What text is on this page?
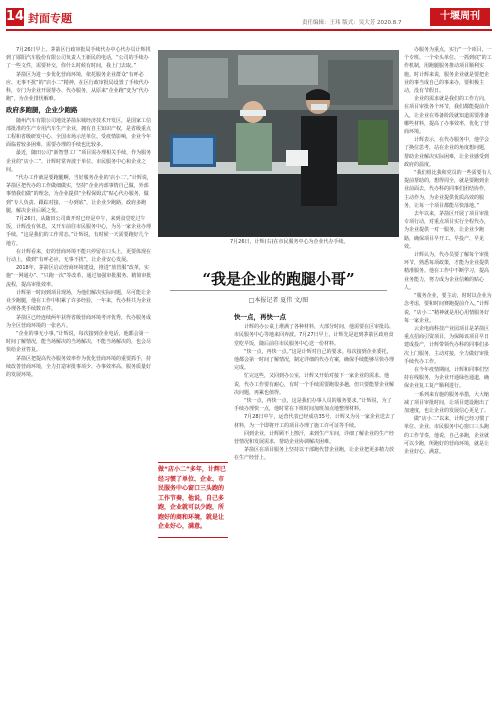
14 封面专题	责任编辑：王玮 版式：吴大芳 2020.8.7
十堰周刊

7月26日早上，茅箭区行政审批局手续代办中心代办员计辉找到了郧阳汽车股份有限公司负责人王新民的电话，“公司的手续办了一些文件，需要补交，你什么时候有时间，我上门去取。”

茅箭区为进一步优化营商环境，依托服务企业群众“有呼必应、无事不扰”的“店小二”精神，在区行政审批局设置了手续代办科，专门为企业开展帮办、代办服务，从原来“企业跑”变为“代办跑”，为企业排忧解难。

政府多跑腿，企业少跑路

随州汽车有限公司地处茅箭东城经济技术开发区，是国家工信部批准的生产专用汽车生产企业，拥有自主知识产权，是省级重点工程和省级研发中心、全国市场示范单位。受疫情影响，企业今年面临着较多困难，需要办理的手续也比较多。

最近，随田公司“新智慧工厂”项目需办理相关手续，作为服务企业的“店小二”，计辉时常奔波于单位、市民服务中心和企业之间。

“代办工作就是要跑腿啊，当好服务企业的‘店小二’。”计辉说，茅箭区把代办的工作做细做实，坚持“企业内部事情自己做，外部事情我们做”的理念，为企业提供“全程保姆式”贴心代办服务，做到“专人负责、跟踪对接、一办到底”，让企业少跑路，政府多跑腿，解决企业后顾之忧。

7月26日，从随田公司离开时已经是中午，来到食堂吃过午饭，计辉没有休息，又开车前往市民服务中心，为另一家企业办理手续。“这是我们的工作常态。”计辉说，有时候一天需要跑好几个地方。

在计辉看来，好的营商环境不能只停留在口头上，更要体现在行动上，做到“有呼必应，无事不扰”，让企业安心发展。

2018年，茅箭区启动营商环境建设，推进“放管服”改革，实施“一网通办”、“只跑一次”等改革，通过加强审批服务、精简审批流程，提高审批效率。

计辉第一时间到项目现场，为他们解决实际问题，尽可能让企业少跑腿，他在工作中积累了许多经验，一年来，代办科共为企业办理各类手续数百件。

茅箭区已经连续两年获得省级营商环境考评优秀，代办服务成为全区营商环境的一张名片。

“企业的事无小事。”计辉说，每次接到企业电话，他都会第一时间了解情况，能当场解决的当场解决，不能当场解决的，也会尽快给企业答复。

茅箭区把提高代办服务效率作为优化营商环境的重要抓手，持续改善营商环境，全力打造审批事项少、办事效率高、服务质量好的发展环境。

7月26日，计辉(右)在市民服务中心为企业代办手续。
“我是企业的跑腿小哥”
□本报记者 夏伟 文/图
做“店小二”多年，计辉已经习惯了单位、企业、市民服务中心窗口三头跑的工作节奏，他说，自己多跑，企业就可以少跑，所跑好的商和环境，就是让企业好心，满意。
快一点，再快一点

计辉的办公桌上堆满了各种材料，大部分时间，他需要在区审批局、市民服务中心等地来回奔波。7月27日早上，计辉先是赶到茅箭区政府食堂吃早饭，随后前往市民服务中心送一份材料。

“快一点，再快一点。”这是计辉对自己的要求。每次接到企业委托，他都会第一时间了解情况，制定详细的代办方案，确保手续能够尽快办理完成。

忙完这些，又回到办公室，计辉又开始对接下一家企业的需求。他说，代办工作要有耐心，有时一个手续需要跑很多趟，但只要能帮企业解决问题，再累也值得。

“快一点，再快一点，这是我们办事人员的服务要求。”计辉说，为了手续办理快一点，他时常在下班时间加班加点地整理材料。

7月28日中午，运营代表已经成功35号，计辉又为另一家企业送去了材料，为一个即将开工的项目办理了施工许可证等手续。

回到企业，计辉顾不上擦汗，来到生产车间，详细了解企业的生产经营情况和发展需求，帮助企业协调解决困难。

茅箭区在项目服务上坚持以干部跑代替企业跑，让企业把更多精力放在生产经营上。

办服务为重点，实行“一个项目、一个专班、一个牵头单位、一抓到底”的工作机制，用跑腿服务推动项目顺利实施。时计辉来说，服务企业就是要把企业的事当成自己的事来办，要积极主动，没有节假日。

企业的需求就是我们的工作方向，在项目审批各个环节，我们都能提前介入，让企业在筹备阶段就知道需要准备哪些材料，提高了办事效率，优化了营商环境。

计辉表示，在代办服务中，他学会了换位思考，站在企业的角度想问题，帮助企业解决实际困难，让企业感受到政府的温度。

“我们组比我和党员的一些需要有人提前帮助的，想得周全，就是要跑到企业前面去，代办科的同事们团结协作，主动作为，为企业提供优质高效的服务，让每一个项目都能尽快落地。”

去年以来，茅箭区开展了项目审批专项行动，对重点项目实行全程代办，为企业提供一对一服务，让企业少跑路，确保项目早开工、早投产、早见效。

计辉认为，代办员要了解每个审批环节，熟悉每项政策，才能为企业提供精准服务。他在工作中不断学习，提高业务能力，努力成为企业信赖的贴心人。

“服务企业，要主动，时时以企业为念考虑，要和时间赛跑提前介入。”计辉说，“店小二”精神就是用心用情服务好每一家企业。

云企电商科技产业园项目是茅箭区重点招商引资项目，为保障该项目早日建成投产，计辉带领代办科的同事们多次上门服务，主动对接，全力做好审批手续代办工作。

在今年疫情期间，计辉和同事们坚持在线服务，为企业开通绿色通道，确保企业复工复产顺利进行。

一系列来有施的服务举措，大大缩减了项目审批时间，让项目建设跑出了加速度，也让企业的发展信心更足了。

做“店小二”以来，计辉已经习惯了单位、企业、市民服务中心窗口三头跑的工作节奏，他说，自己多跑，企业就可以少跑，所跑好的营商环境，就是让企业好心、满意。
